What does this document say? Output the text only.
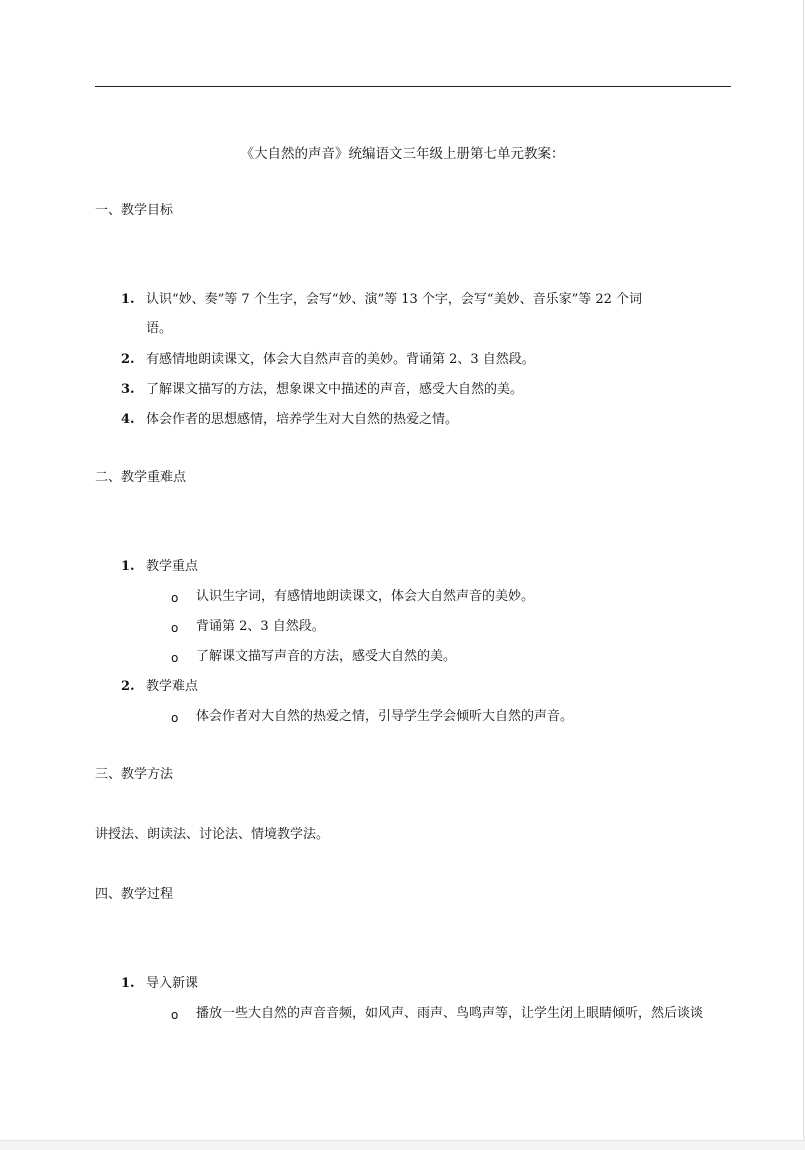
《大自然的声音》统编语文三年级上册第七单元教案：
一、教学目标
1. 认识“妙、奏”等 7 个生字，会写“妙、演”等 13 个字，会写“美妙、音乐家”等 22 个词
语。
2. 有感情地朗读课文，体会大自然声音的美妙。背诵第 2、3 自然段。
3. 了解课文描写的方法，想象课文中描述的声音，感受大自然的美。
4. 体会作者的思想感情，培养学生对大自然的热爱之情。
二、教学重难点
1. 教学重点
o 认识生字词，有感情地朗读课文，体会大自然声音的美妙。
o 背诵第 2、3 自然段。
o 了解课文描写声音的方法，感受大自然的美。
2. 教学难点
o 体会作者对大自然的热爱之情，引导学生学会倾听大自然的声音。
三、教学方法
讲授法、朗读法、讨论法、情境教学法。
四、教学过程
1. 导入新课
o 播放一些大自然的声音音频，如风声、雨声、鸟鸣声等，让学生闭上眼睛倾听，然后谈谈
